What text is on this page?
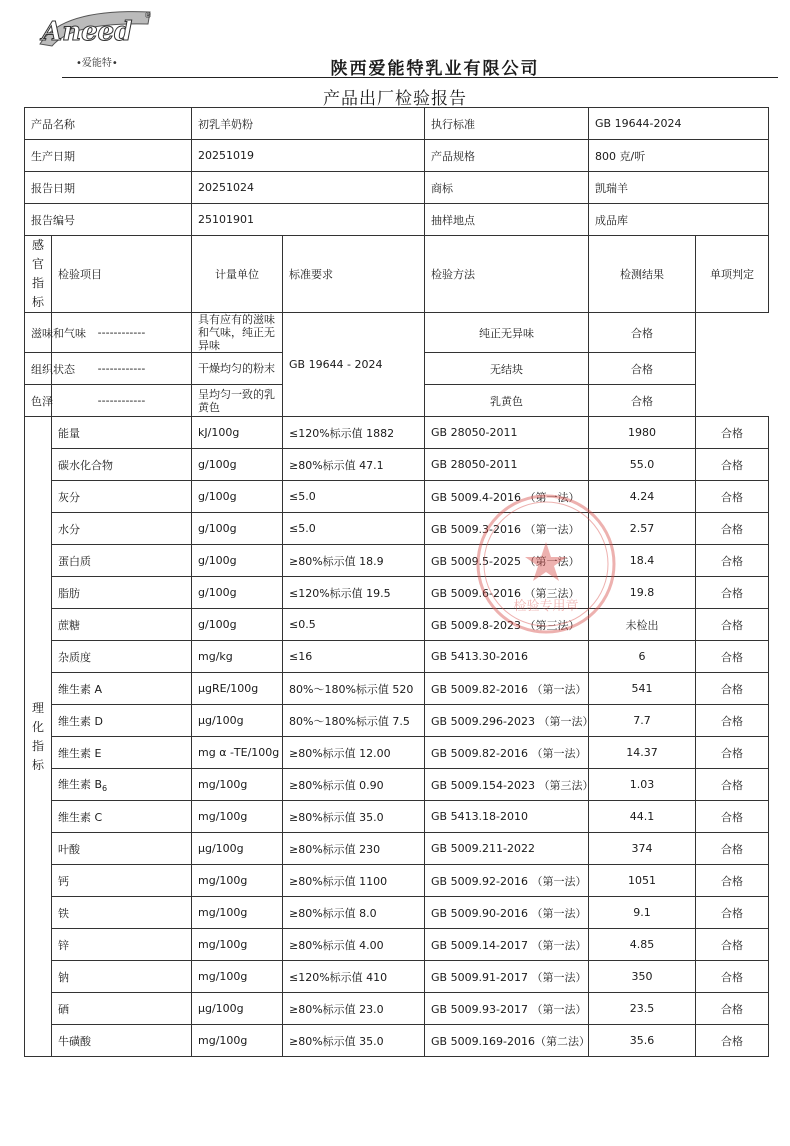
Aneed
®
•爱能特•	陕西爱能特乳业有限公司
产品出厂检验报告
产品名称		初乳羊奶粉		执行标准	GB 19644-2024	
生产日期		20251019		产品规格	800 克/听	
报告日期		20251024		商标	凯瑞羊	
报告编号		25101901		抽样地点	成品库	

感
官
指
标	检验项目	计量单位	标准要求	检验方法	检测结果	单项判定
滋味和气味	------------	具有应有的滋味和气味，纯正无异味	GB 19644 - 2024	纯正无异味	合格	
组织状态	------------	干燥均匀的粉末		无结块	合格	
色泽	------------	呈均匀一致的乳黄色		乳黄色	合格	

理
化
指
标	能量	kJ/100g	≤120%标示值 1882	GB 28050-2011	1980	合格
	碳水化合物	g/100g	≥80%标示值 47.1	GB 28050-2011	55.0	合格
	灰分	g/100g	≤5.0	GB 5009.4-2016 （第一法）	4.24	合格
	水分	g/100g	≤5.0	GB 5009.3-2016 （第一法）	2.57	合格
	蛋白质	g/100g	≥80%标示值 18.9	GB 5009.5-2025 （第一法）	18.4	合格
	脂肪	g/100g	≤120%标示值 19.5	GB 5009.6-2016 （第三法）	19.8	合格
	蔗糖	g/100g	≤0.5	GB 5009.8-2023 （第三法）	未检出	合格
	杂质度	mg/kg	≤16	GB 5413.30-2016	6	合格
	维生素 A	μgRE/100g	80%～180%标示值 520	GB 5009.82-2016 （第一法）	541	合格
	维生素 D	μg/100g	80%～180%标示值 7.5	GB 5009.296-2023 （第一法）	7.7	合格
	维生素 E	mg α -TE/100g	≥80%标示值 12.00	GB 5009.82-2016 （第一法）	14.37	合格
	维生素 $B_6$	mg/100g	≥80%标示值 0.90	GB 5009.154-2023 （第三法）	1.03	合格
	维生素 C	mg/100g	≥80%标示值 35.0	GB 5413.18-2010	44.1	合格
	叶酸	μg/100g	≥80%标示值 230	GB 5009.211-2022	374	合格
	钙	mg/100g	≥80%标示值 1100	GB 5009.92-2016 （第一法）	1051	合格
	铁	mg/100g	≥80%标示值 8.0	GB 5009.90-2016 （第一法）	9.1	合格
	锌	mg/100g	≥80%标示值 4.00	GB 5009.14-2017 （第一法）	4.85	合格
	钠	mg/100g	≤120%标示值 410	GB 5009.91-2017 （第一法）	350	合格
	硒	μg/100g	≥80%标示值 23.0	GB 5009.93-2017 （第一法）	23.5	合格
	牛磺酸	mg/100g	≥80%标示值 35.0	GB 5009.169-2016（第二法）	35.6	合格
检验专用章
